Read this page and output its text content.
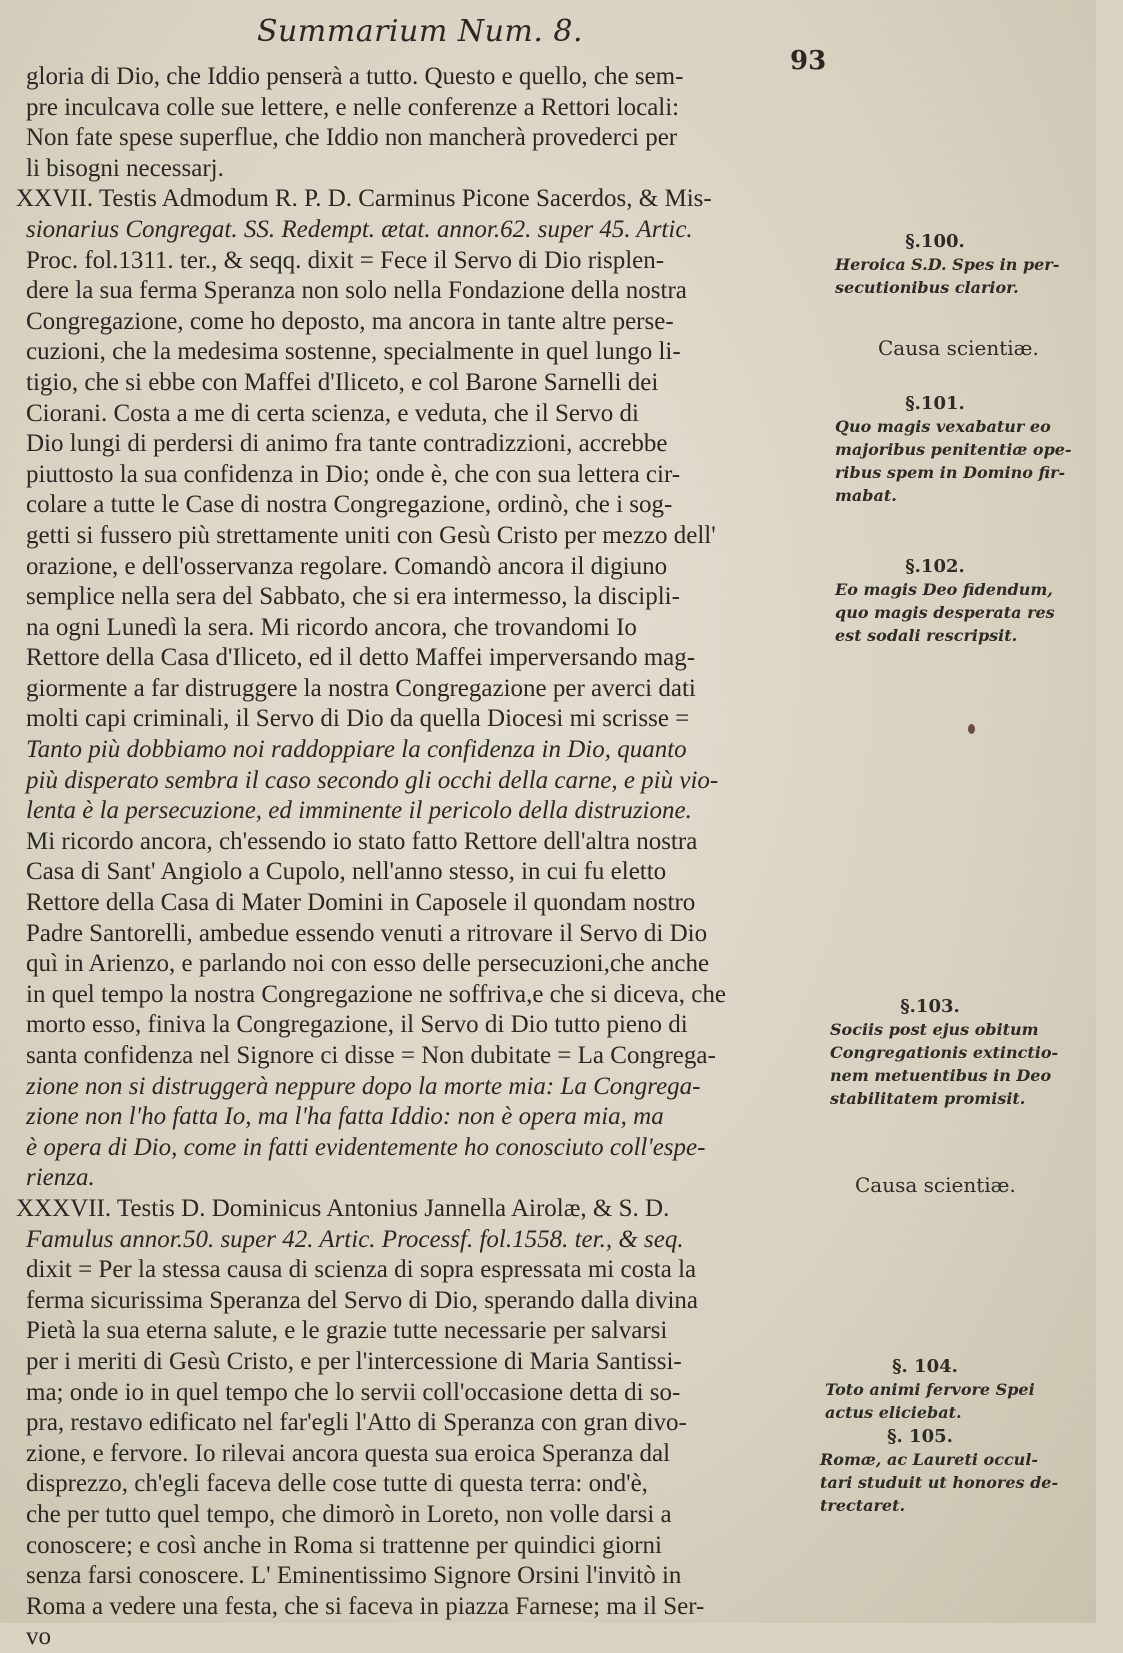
Summarium Num. 8.
93
gloria di Dio, che Iddio penserà a tutto. Questo e quello, che sem-
pre inculcava colle sue lettere, e nelle conferenze a Rettori locali:
Non fate spese superflue, che Iddio non mancherà provederci per
li bisogni necessarj.
XXVII. Testis Admodum R. P. D. Carminus Picone Sacerdos, & Mis-
sionarius Congregat. SS. Redempt. ætat. annor.62. super 45. Artic.
Proc. fol.1311. ter., & seqq. dixit = Fece il Servo di Dio risplen-
dere la sua ferma Speranza non solo nella Fondazione della nostra
Congregazione, come ho deposto, ma ancora in tante altre perse-
cuzioni, che la medesima sostenne, specialmente in quel lungo li-
tigio, che si ebbe con Maffei d'Iliceto, e col Barone Sarnelli dei
Ciorani. Costa a me di certa scienza, e veduta, che il Servo di
Dio lungi di perdersi di animo fra tante contradizzioni, accrebbe
piuttosto la sua confidenza in Dio; onde è, che con sua lettera cir-
colare a tutte le Case di nostra Congregazione, ordinò, che i sog-
getti si fussero più strettamente uniti con Gesù Cristo per mezzo dell'
orazione, e dell'osservanza regolare. Comandò ancora il digiuno
semplice nella sera del Sabbato, che si era intermesso, la discipli-
na ogni Lunedì la sera. Mi ricordo ancora, che trovandomi Io
Rettore della Casa d'Iliceto, ed il detto Maffei imperversando mag-
giormente a far distruggere la nostra Congregazione per averci dati
molti capi criminali, il Servo di Dio da quella Diocesi mi scrisse =
Tanto più dobbiamo noi raddoppiare la confidenza in Dio, quanto
più disperato sembra il caso secondo gli occhi della carne, e più vio-
lenta è la persecuzione, ed imminente il pericolo della distruzione.
Mi ricordo ancora, ch'essendo io stato fatto Rettore dell'altra nostra
Casa di Sant' Angiolo a Cupolo, nell'anno stesso, in cui fu eletto
Rettore della Casa di Mater Domini in Caposele il quondam nostro
Padre Santorelli, ambedue essendo venuti a ritrovare il Servo di Dio
quì in Arienzo, e parlando noi con esso delle persecuzioni,che anche
in quel tempo la nostra Congregazione ne soffriva,e che si diceva, che
morto esso, finiva la Congregazione, il Servo di Dio tutto pieno di
santa confidenza nel Signore ci disse = Non dubitate = La Congrega-
zione non si distruggerà neppure dopo la morte mia: La Congrega-
zione non l'ho fatta Io, ma l'ha fatta Iddio: non è opera mia, ma
è opera di Dio, come in fatti evidentemente ho conosciuto coll'espe-
rienza.
XXXVII. Testis D. Dominicus Antonius Jannella Airolæ, & S. D.
Famulus annor.50. super 42. Artic. Processf. fol.1558. ter., & seq.
dixit = Per la stessa causa di scienza di sopra espressata mi costa la
ferma sicurissima Speranza del Servo di Dio, sperando dalla divina
Pietà la sua eterna salute, e le grazie tutte necessarie per salvarsi
per i meriti di Gesù Cristo, e per l'intercessione di Maria Santissi-
ma; onde io in quel tempo che lo servii coll'occasione detta di so-
pra, restavo edificato nel far'egli l'Atto di Speranza con gran divo-
zione, e fervore. Io rilevai ancora questa sua eroica Speranza dal
disprezzo, ch'egli faceva delle cose tutte di questa terra: ond'è,
che per tutto quel tempo, che dimorò in Loreto, non volle darsi a
conoscere; e così anche in Roma si trattenne per quindici giorni
senza farsi conoscere. L' Eminentissimo Signore Orsini l'invitò in
Roma a vedere una festa, che si faceva in piazza Farnese; ma il Ser-
vo
§.100.
Heroica S.D. Spes in per-
secutionibus clarior.
Causa scientiæ.
§.101.
Quo magis vexabatur eo
majoribus penitentiæ ope-
ribus spem in Domino fir-
mabat.
§.102.
Eo magis Deo fidendum,
quo magis desperata res
est sodali rescripsit.
§.103.
Sociis post ejus obitum
Congregationis extinctio-
nem metuentibus in Deo
stabilitatem promisit.
Causa scientiæ.
§. 104.
Toto animi fervore Spei
actus eliciebat.
§. 105.
Romæ, ac Laureti occul-
tari studuit ut honores de-
trectaret.
